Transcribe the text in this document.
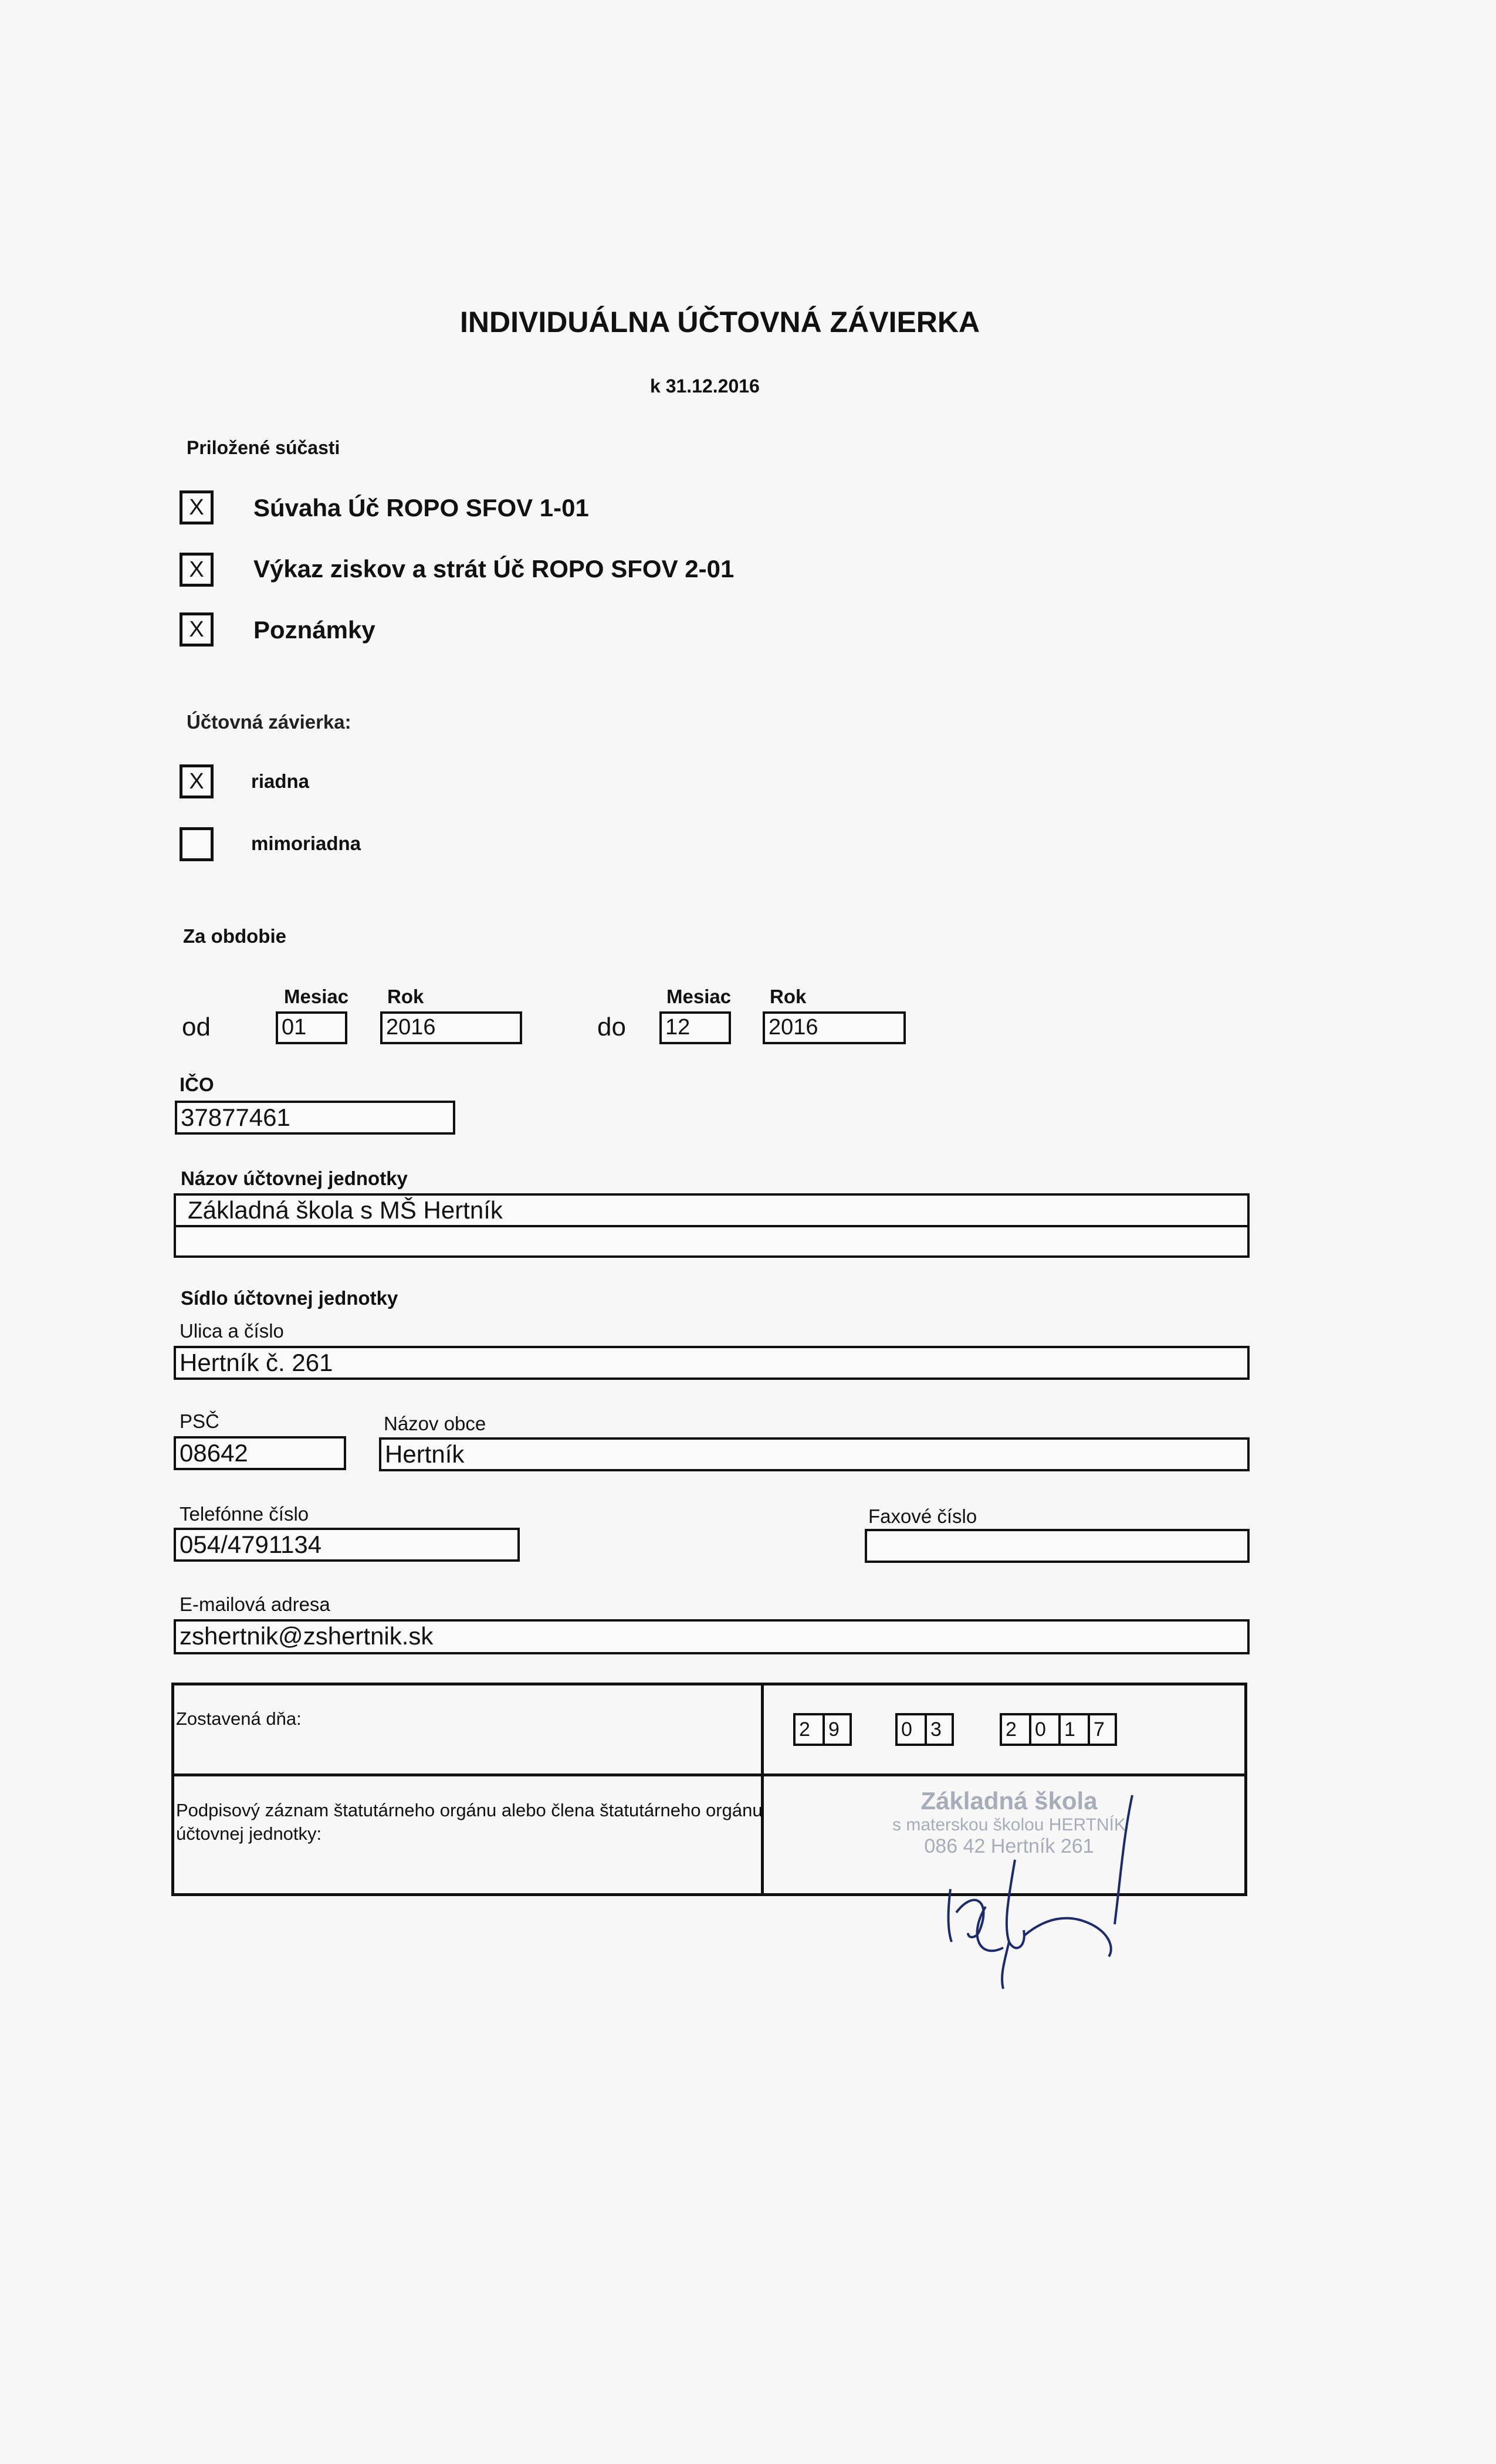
INDIVIDUÁLNA ÚČTOVNÁ ZÁVIERKA
k 31.12.2016
Priložené súčasti
X	Súvaha Úč ROPO SFOV 1-01
X	Výkaz ziskov a strát Úč ROPO SFOV 2-01
X	Poznámky
Účtovná závierka:
X	riadna
mimoriadna
Za obdobie
Mesiac Rok	Mesiac Rok
od	01	2016	do 12	2016
IČO
37877461
Názov účtovnej jednotky
Základná škola s MŠ Hertník
Sídlo účtovnej jednotky
Ulica a číslo
Hertník č. 261
PSČ
08642
Názov obce
Hertník
Telefónne číslo
054/4791134
Faxové číslo
E-mailová adresa
zshertnik@zshertnik.sk
Zostavená dňa:	2 9	0 3	2 0 1 7
Podpisový záznam štatutárneho orgánu alebo člena štatutárneho orgánu účtovnej jednotky:
Základná škola
s materskou školou HERTNÍK
086 42 Hertník 261
